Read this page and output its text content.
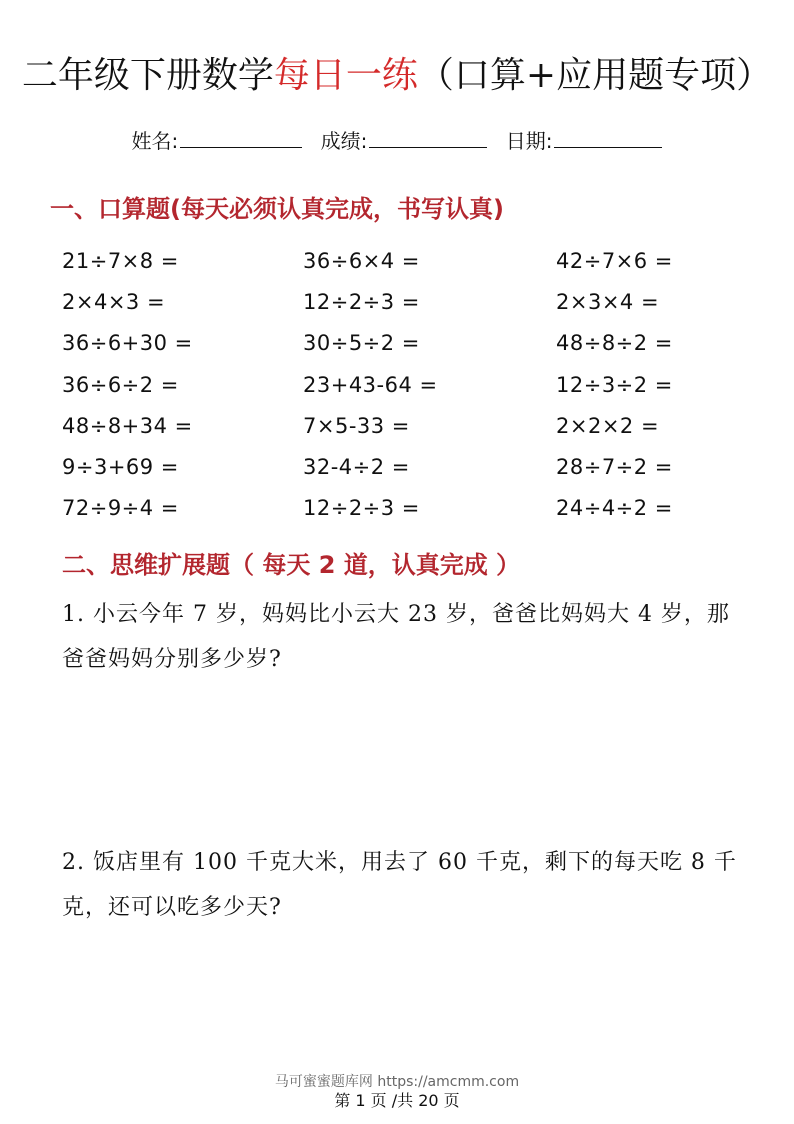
二年级下册数学每日一练（口算+应用题专项）
姓名:	成绩:	日期:
一、口算题(每天必须认真完成，书写认真)
21÷7×8 =	36÷6×4 =	42÷7×6 =
2×4×3 =	12÷2÷3 =	2×3×4 =
36÷6+30 =	30÷5÷2 =	48÷8÷2 =
36÷6÷2 =	23+43-64 =	12÷3÷2 =
48÷8+34 =	7×5-33 =	2×2×2 =
9÷3+69 =	32-4÷2 =	28÷7÷2 =
72÷9÷4 =	12÷2÷3 =	24÷4÷2 =
二、思维扩展题（ 每天 2 道，认真完成 ）
1. 小云今年 7 岁，妈妈比小云大 23 岁，爸爸比妈妈大 4 岁，那爸爸妈妈分别多少岁?
2. 饭店里有 100 千克大米，用去了 60 千克，剩下的每天吃 8 千克，还可以吃多少天?
马可蜜蜜题库网 https://amcmm.com
第 1 页 /共 20 页
